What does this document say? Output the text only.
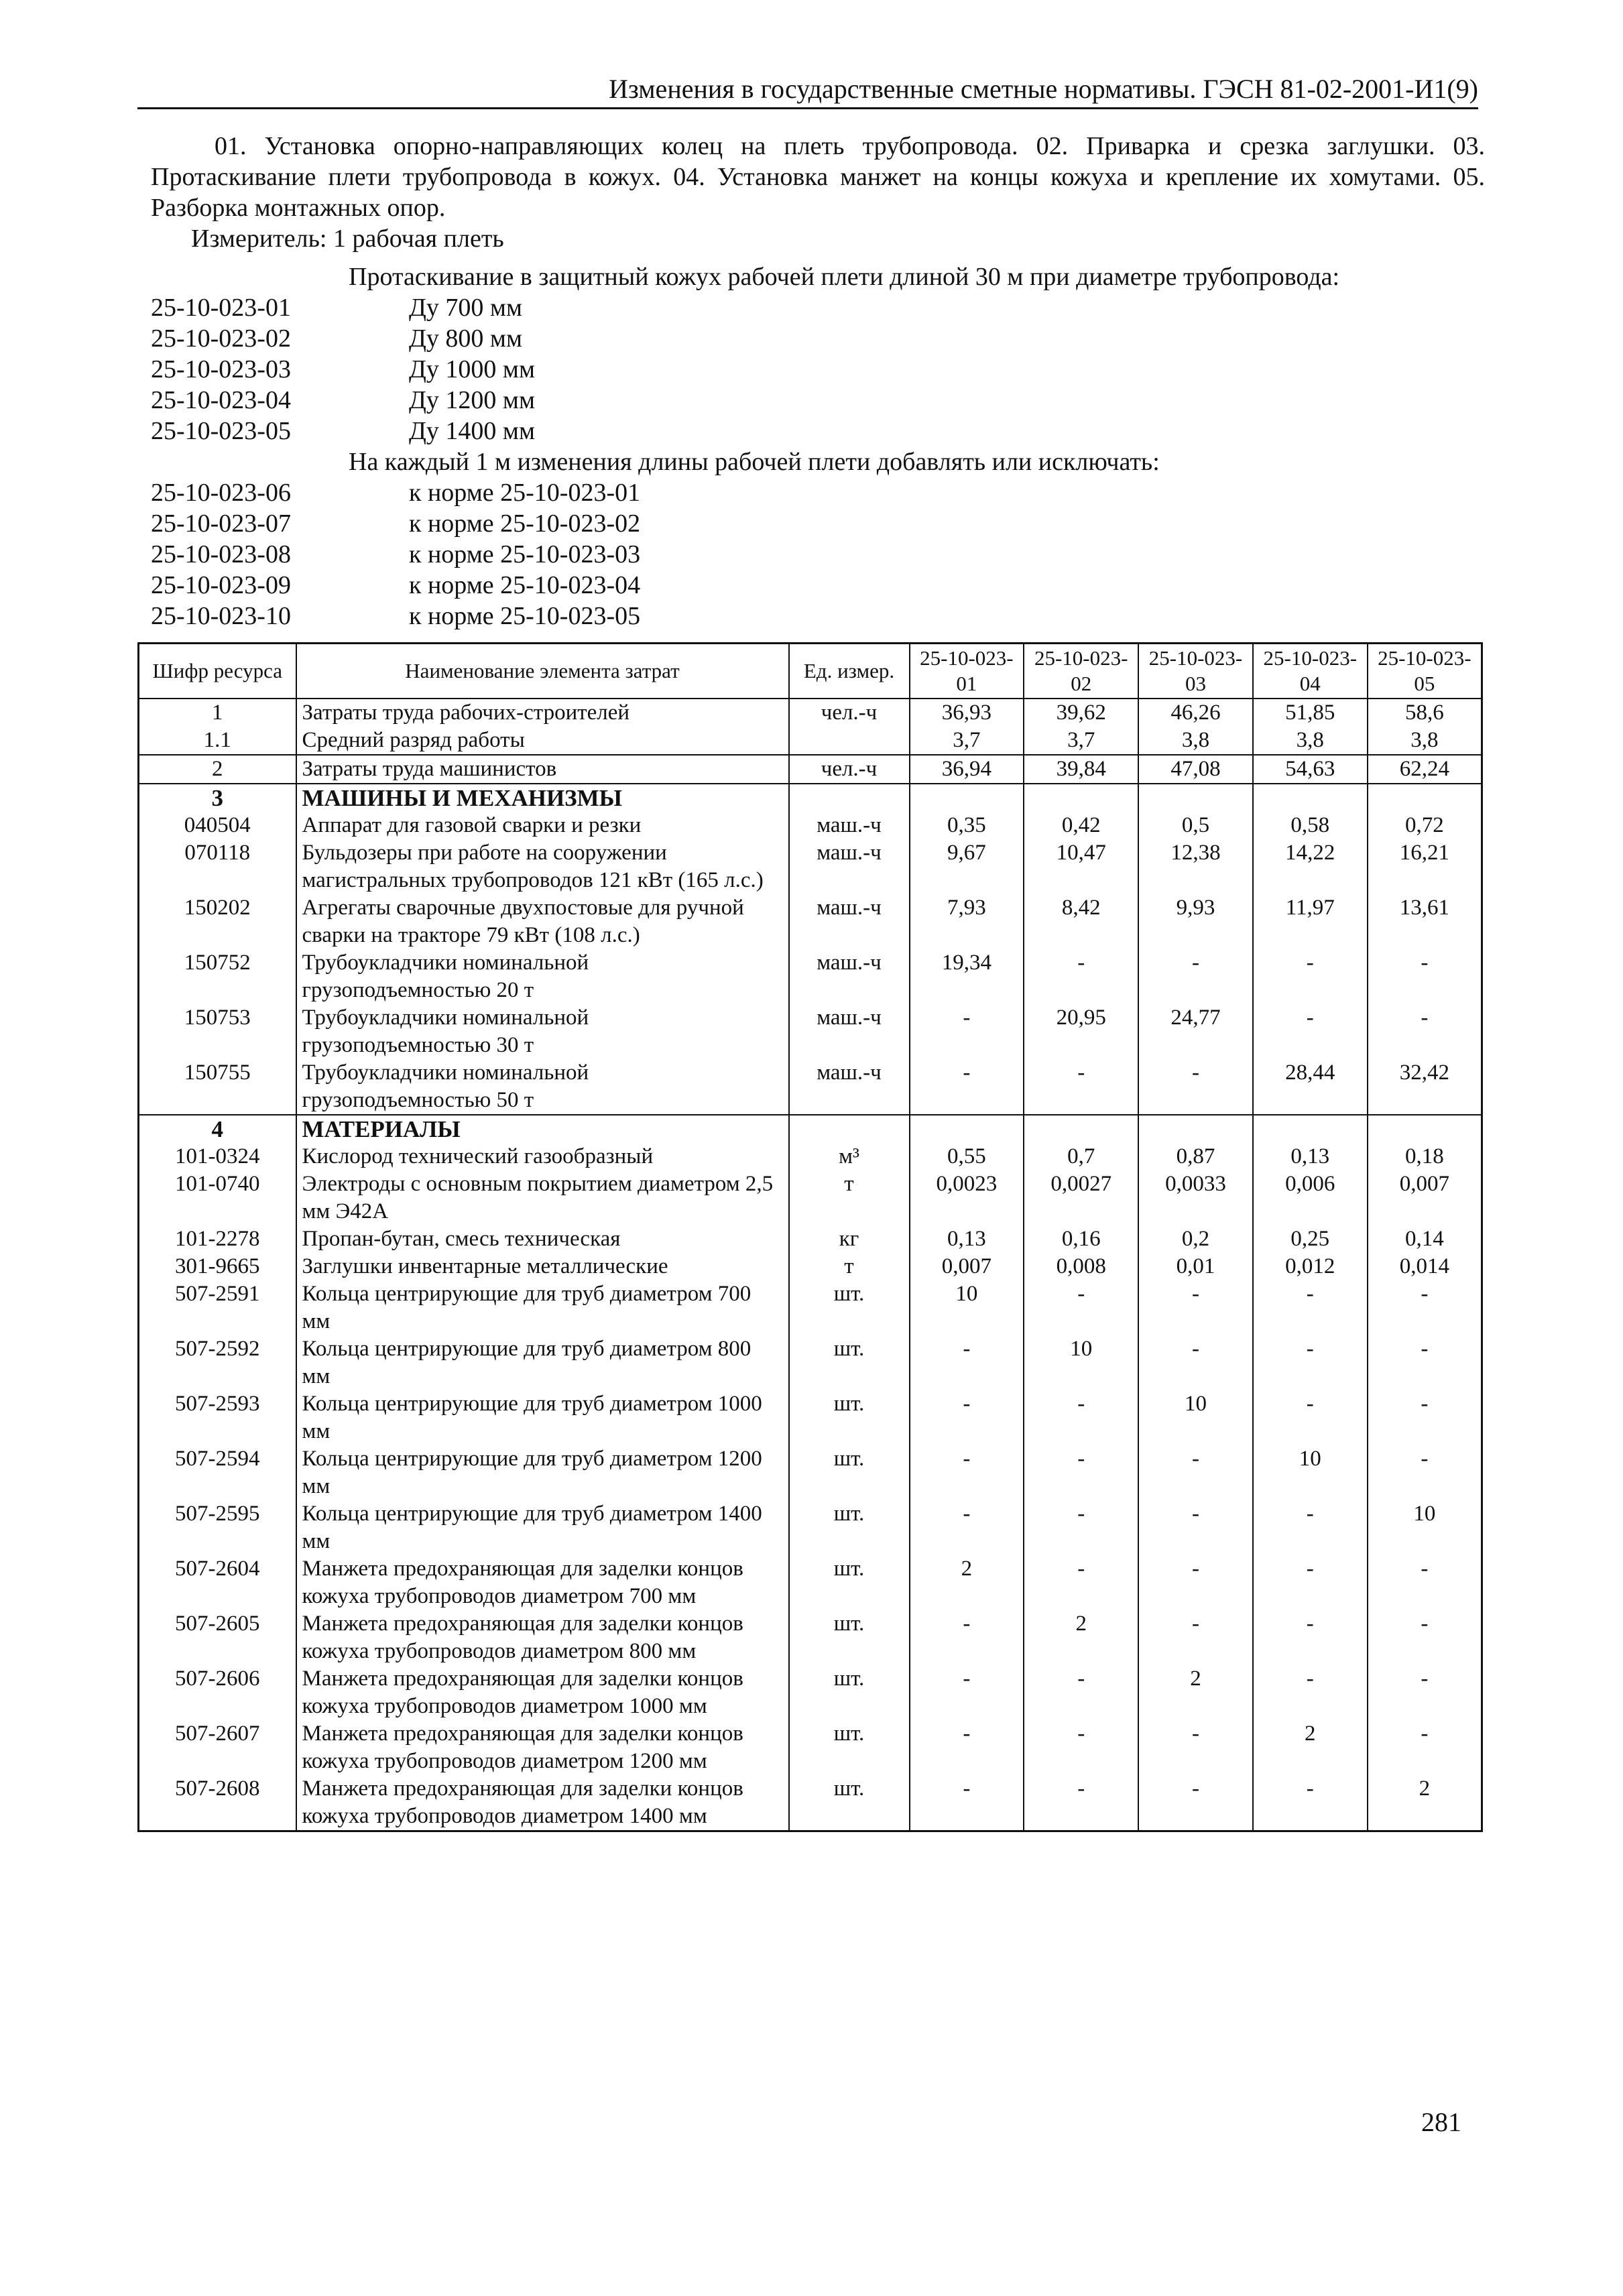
Изменения в государственные сметные нормативы. ГЭСН 81-02-2001-И1(9)

01. Установка опорно-направляющих колец на плеть трубопровода. 02. Приварка и срезка заглушки. 03. Протаскивание плети трубопровода в кожух. 04. Установка манжет на концы кожуха и крепление их хомутами. 05. Разборка монтажных опор.

Измеритель: 1 рабочая плеть

Протаскивание в защитный кожух рабочей плети длиной 30 м при диаметре трубопровода:
25-10-023-01	Ду 700 мм
25-10-023-02	Ду 800 мм
25-10-023-03	Ду 1000 мм
25-10-023-04	Ду 1200 мм
25-10-023-05	Ду 1400 мм
На каждый 1 м изменения длины рабочей плети добавлять или исключать:
25-10-023-06	к норме 25-10-023-01
25-10-023-07	к норме 25-10-023-02
25-10-023-08	к норме 25-10-023-03
25-10-023-09	к норме 25-10-023-04
25-10-023-10	к норме 25-10-023-05
Шифр ресурса	Наименование элемента затрат	Ед. измер.	25-10-023-01	25-10-023-02	25-10-023-03	25-10-023-04	25-10-023-05
1	Затраты труда рабочих-строителей	чел.-ч	36,93	39,62	46,26	51,85	58,6
1.1	Средний разряд работы		3,7	3,7	3,8	3,8	3,8
2	Затраты труда машинистов	чел.-ч	36,94	39,84	47,08	54,63	62,24
3	МАШИНЫ И МЕХАНИЗМЫ						
040504	Аппарат для газовой сварки и резки	маш.-ч	0,35	0,42	0,5	0,58	0,72
070118	Бульдозеры при работе на сооружении магистральных трубопроводов 121 кВт (165 л.с.)	маш.-ч	9,67	10,47	12,38	14,22	16,21
150202	Агрегаты сварочные двухпостовые для ручной сварки на тракторе 79 кВт (108 л.с.)	маш.-ч	7,93	8,42	9,93	11,97	13,61
150752	Трубоукладчики номинальной грузоподъемностью 20 т	маш.-ч	19,34	-	-	-	-
150753	Трубоукладчики номинальной грузоподъемностью 30 т	маш.-ч	-	20,95	24,77	-	-
150755	Трубоукладчики номинальной грузоподъемностью 50 т	маш.-ч	-	-	-	28,44	32,42
4	МАТЕРИАЛЫ						
101-0324	Кислород технический газообразный	м³	0,55	0,7	0,87	0,13	0,18
101-0740	Электроды с основным покрытием диаметром 2,5 мм Э42А	т	0,0023	0,0027	0,0033	0,006	0,007
101-2278	Пропан-бутан, смесь техническая	кг	0,13	0,16	0,2	0,25	0,14
301-9665	Заглушки инвентарные металлические	т	0,007	0,008	0,01	0,012	0,014
507-2591	Кольца центрирующие для труб диаметром 700 мм	шт.	10	-	-	-	-
507-2592	Кольца центрирующие для труб диаметром 800 мм	шт.	-	10	-	-	-
507-2593	Кольца центрирующие для труб диаметром 1000 мм	шт.	-	-	10	-	-
507-2594	Кольца центрирующие для труб диаметром 1200 мм	шт.	-	-	-	10	-
507-2595	Кольца центрирующие для труб диаметром 1400 мм	шт.	-	-	-	-	10
507-2604	Манжета предохраняющая для заделки концов кожуха трубопроводов диаметром 700 мм	шт.	2	-	-	-	-
507-2605	Манжета предохраняющая для заделки концов кожуха трубопроводов диаметром 800 мм	шт.	-	2	-	-	-
507-2606	Манжета предохраняющая для заделки концов кожуха трубопроводов диаметром 1000 мм	шт.	-	-	2	-	-
507-2607	Манжета предохраняющая для заделки концов кожуха трубопроводов диаметром 1200 мм	шт.	-	-	-	2	-
507-2608	Манжета предохраняющая для заделки концов кожуха трубопроводов диаметром 1400 мм	шт.	-	-	-	-	2
281
